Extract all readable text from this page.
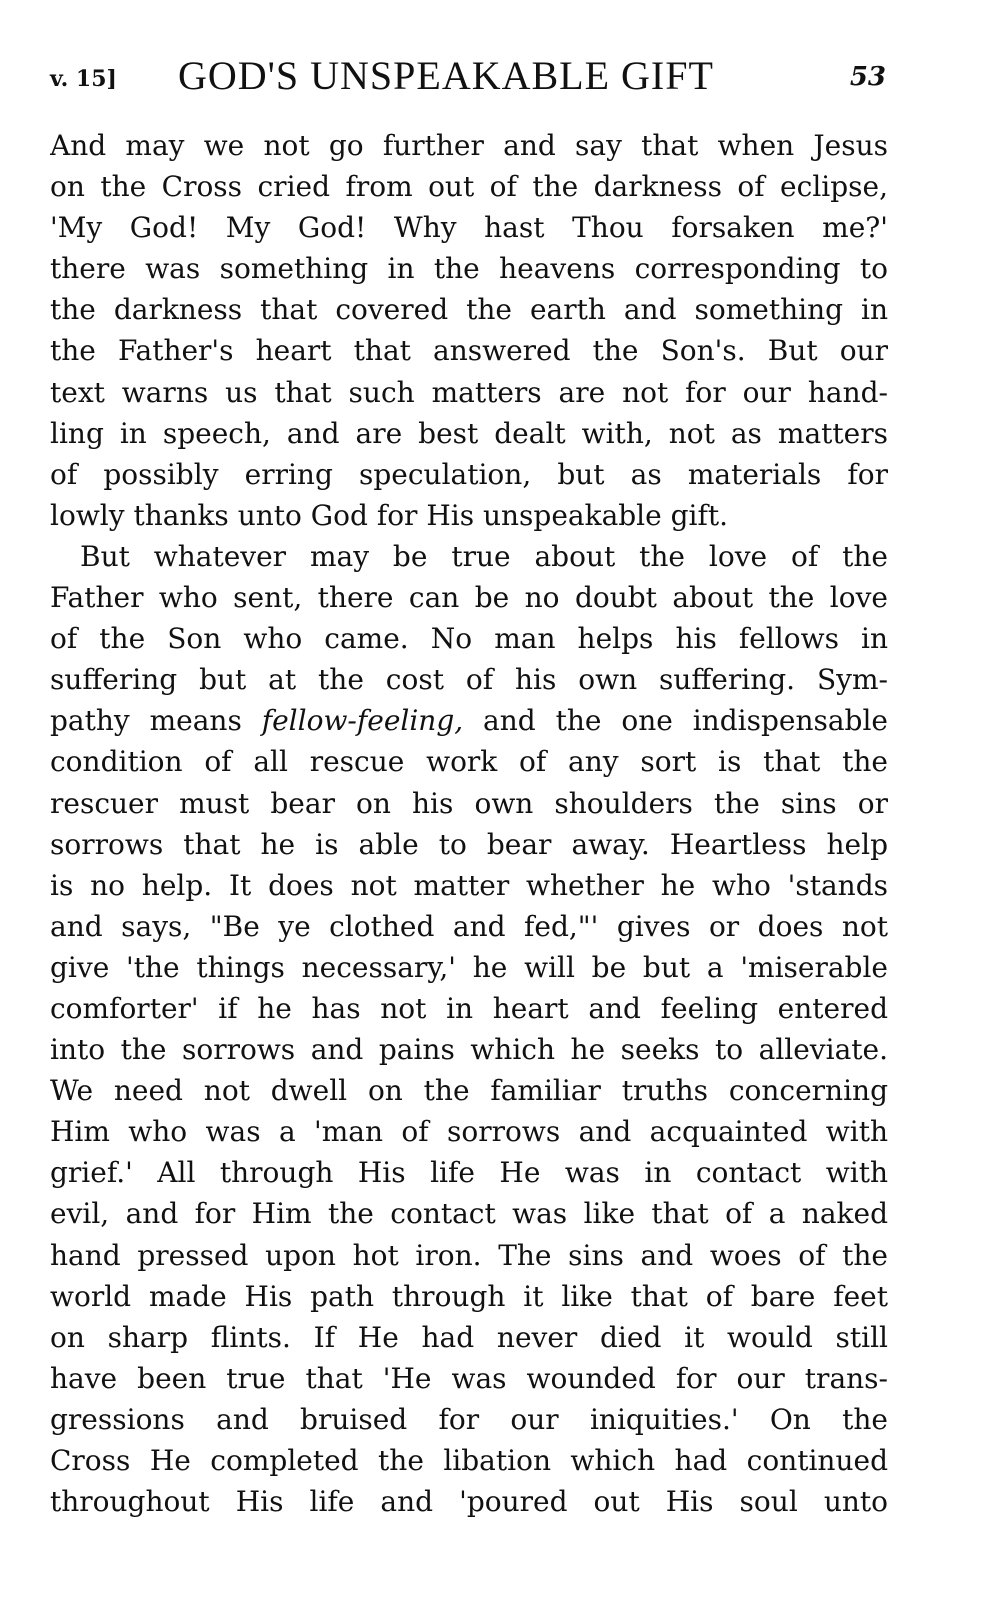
v. 15] GOD'S UNSPEAKABLE GIFT	53
And may we not go further and say that when Jesus
on the Cross cried from out of the darkness of eclipse,
'My God! My God! Why hast Thou forsaken me?'
there was something in the heavens corresponding to
the darkness that covered the earth and something in
the Father's heart that answered the Son's. But our
text warns us that such matters are not for our hand-
ling in speech, and are best dealt with, not as matters
of possibly erring speculation, but as materials for
lowly thanks unto God for His unspeakable gift.
But whatever may be true about the love of the
Father who sent, there can be no doubt about the love
of the Son who came. No man helps his fellows in
suffering but at the cost of his own suffering. Sym-
pathy means fellow-feeling, and the one indispensable
condition of all rescue work of any sort is that the
rescuer must bear on his own shoulders the sins or
sorrows that he is able to bear away. Heartless help
is no help. It does not matter whether he who 'stands
and says, "Be ye clothed and fed,"' gives or does not
give 'the things necessary,' he will be but a 'miserable
comforter' if he has not in heart and feeling entered
into the sorrows and pains which he seeks to alleviate.
We need not dwell on the familiar truths concerning
Him who was a 'man of sorrows and acquainted with
grief.' All through His life He was in contact with
evil, and for Him the contact was like that of a naked
hand pressed upon hot iron. The sins and woes of the
world made His path through it like that of bare feet
on sharp flints. If He had never died it would still
have been true that 'He was wounded for our trans-
gressions and bruised for our iniquities.' On the
Cross He completed the libation which had continued
throughout His life and 'poured out His soul unto
